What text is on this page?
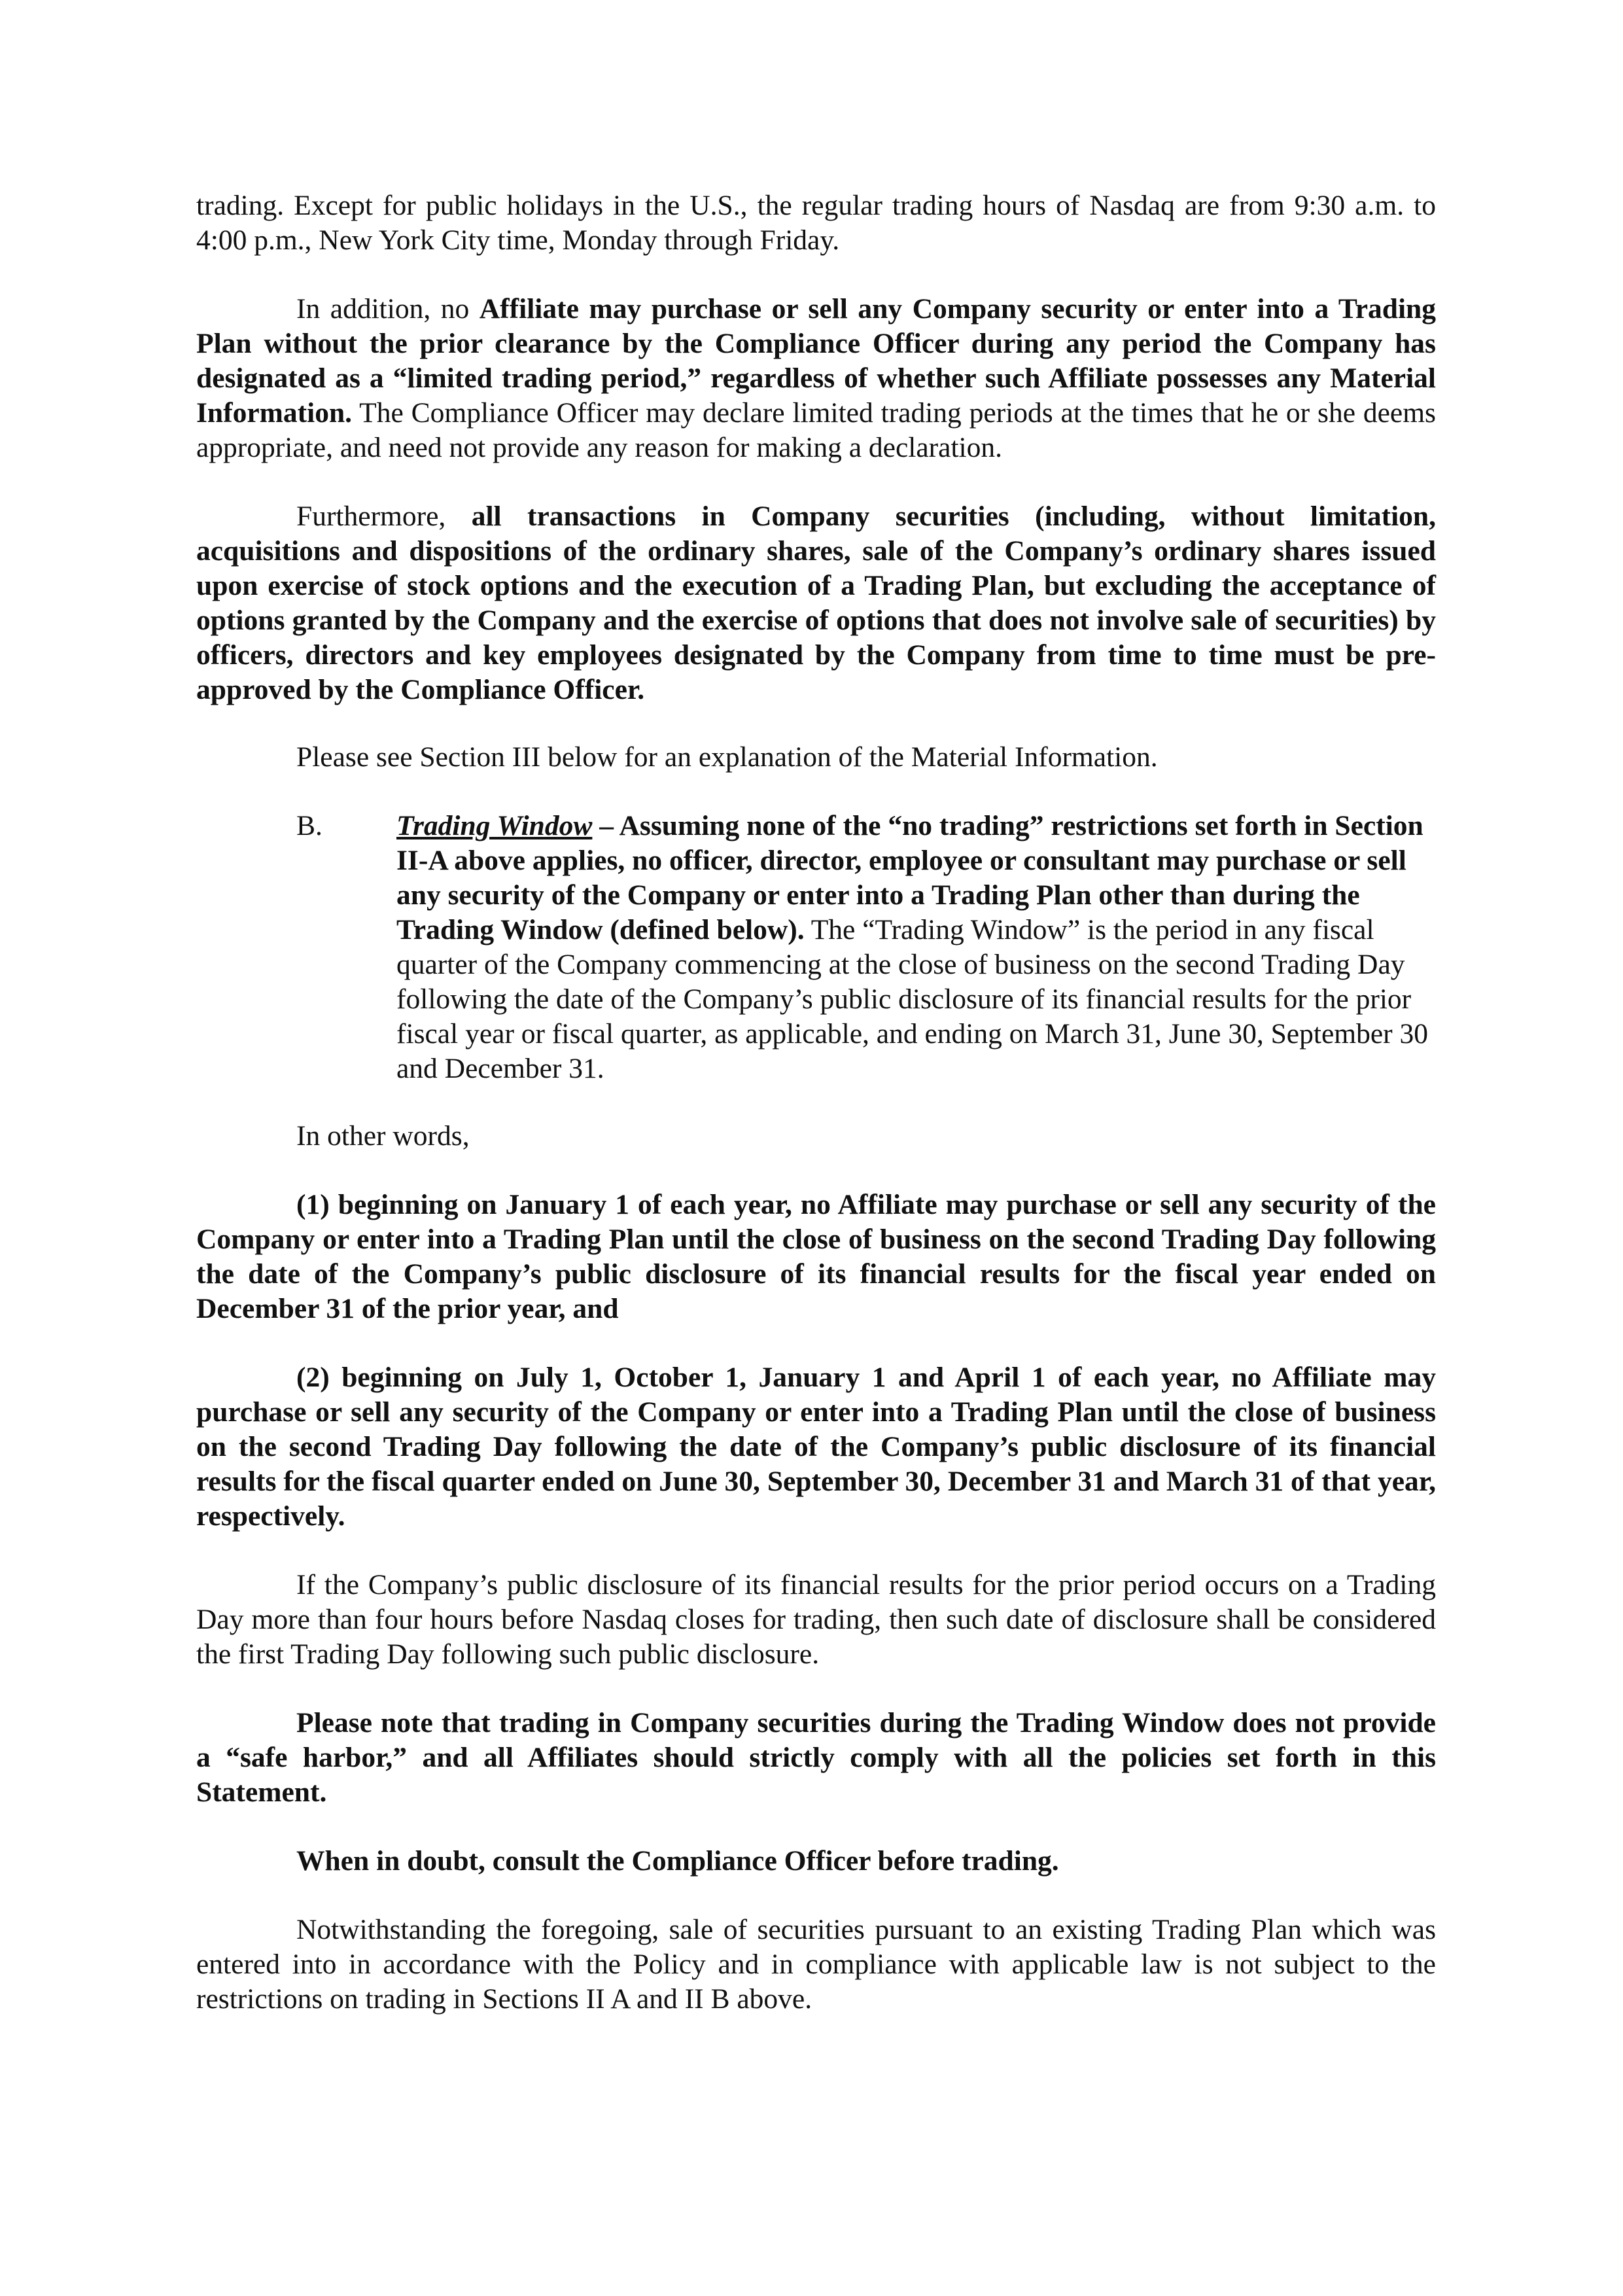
trading. Except for public holidays in the U.S., the regular trading hours of Nasdaq are from 9:30 a.m. to 4:00 p.m., New York City time, Monday through Friday.

In addition, no Affiliate may purchase or sell any Company security or enter into a Trading Plan without the prior clearance by the Compliance Officer during any period the Company has designated as a “limited trading period,” regardless of whether such Affiliate possesses any Material Information. The Compliance Officer may declare limited trading periods at the times that he or she deems appropriate, and need not provide any reason for making a declaration.

Furthermore, all transactions in Company securities (including, without limitation, acquisitions and dispositions of the ordinary shares, sale of the Company’s ordinary shares issued upon exercise of stock options and the execution of a Trading Plan, but excluding the acceptance of options granted by the Company and the exercise of options that does not involve sale of securities) by officers, directors and key employees designated by the Company from time to time must be pre-approved by the Compliance Officer.

Please see Section III below for an explanation of the Material Information.

B.	Trading Window – Assuming none of the “no trading” restrictions set forth in Section II-A above applies, no officer, director, employee or consultant may purchase or sell any security of the Company or enter into a Trading Plan other than during the Trading Window (defined below). The “Trading Window” is the period in any fiscal quarter of the Company commencing at the close of business on the second Trading Day following the date of the Company’s public disclosure of its financial results for the prior fiscal year or fiscal quarter, as applicable, and ending on March 31, June 30, September 30 and December 31.

In other words,

(1) beginning on January 1 of each year, no Affiliate may purchase or sell any security of the Company or enter into a Trading Plan until the close of business on the second Trading Day following the date of the Company’s public disclosure of its financial results for the fiscal year ended on December 31 of the prior year, and

(2) beginning on July 1, October 1, January 1 and April 1 of each year, no Affiliate may purchase or sell any security of the Company or enter into a Trading Plan until the close of business on the second Trading Day following the date of the Company’s public disclosure of its financial results for the fiscal quarter ended on June 30, September 30, December 31 and March 31 of that year, respectively.

If the Company’s public disclosure of its financial results for the prior period occurs on a Trading Day more than four hours before Nasdaq closes for trading, then such date of disclosure shall be considered the first Trading Day following such public disclosure.

Please note that trading in Company securities during the Trading Window does not provide a “safe harbor,” and all Affiliates should strictly comply with all the policies set forth in this Statement.

When in doubt, consult the Compliance Officer before trading.

Notwithstanding the foregoing, sale of securities pursuant to an existing Trading Plan which was entered into in accordance with the Policy and in compliance with applicable law is not subject to the restrictions on trading in Sections II A and II B above.
